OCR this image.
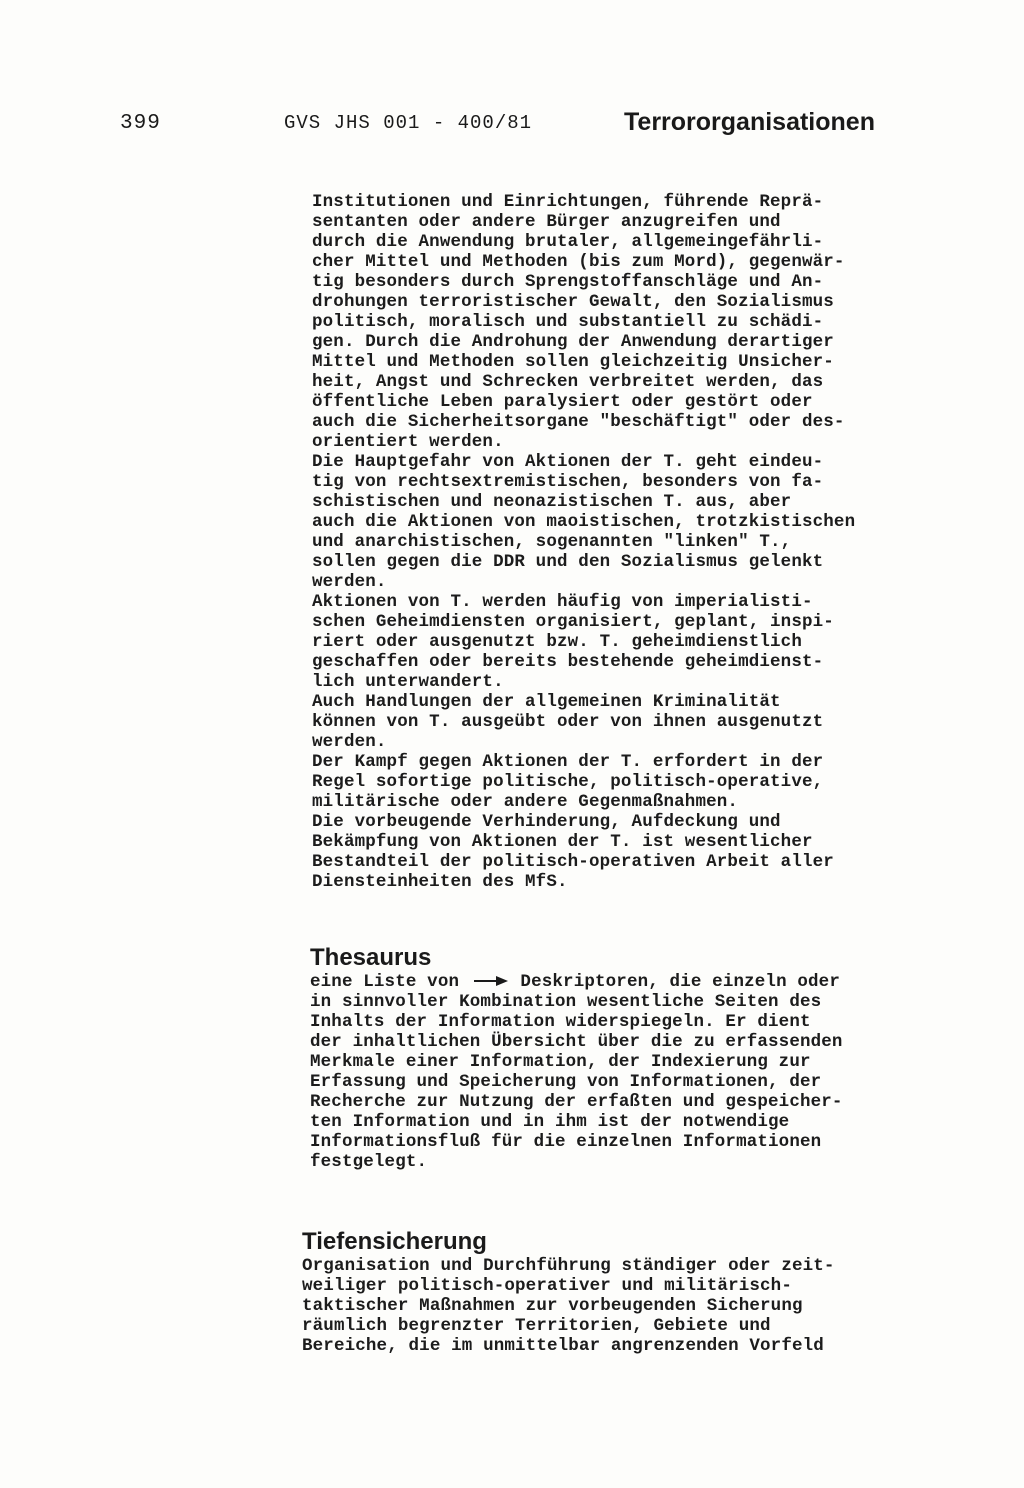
399	GVS JHS 001 - 400/81	Terrororganisationen
Institutionen und Einrichtungen, führende Reprä-
sentanten oder andere Bürger anzugreifen und
durch die Anwendung brutaler, allgemeingefährli-
cher Mittel und Methoden (bis zum Mord), gegenwär-
tig besonders durch Sprengstoffanschläge und An-
drohungen terroristischer Gewalt, den Sozialismus
politisch, moralisch und substantiell zu schädi-
gen. Durch die Androhung der Anwendung derartiger
Mittel und Methoden sollen gleichzeitig Unsicher-
heit, Angst und Schrecken verbreitet werden, das
öffentliche Leben paralysiert oder gestört oder
auch die Sicherheitsorgane "beschäftigt" oder des-
orientiert werden.
Die Hauptgefahr von Aktionen der T. geht eindeu-
tig von rechtsextremistischen, besonders von fa-
schistischen und neonazistischen T. aus, aber
auch die Aktionen von maoistischen, trotzkistischen
und anarchistischen, sogenannten "linken" T.,
sollen gegen die DDR und den Sozialismus gelenkt
werden.
Aktionen von T. werden häufig von imperialisti-
schen Geheimdiensten organisiert, geplant, inspi-
riert oder ausgenutzt bzw. T. geheimdienstlich
geschaffen oder bereits bestehende geheimdienst-
lich unterwandert.
Auch Handlungen der allgemeinen Kriminalität
können von T. ausgeübt oder von ihnen ausgenutzt
werden.
Der Kampf gegen Aktionen der T. erfordert in der
Regel sofortige politische, politisch-operative,
militärische oder andere Gegenmaßnahmen.
Die vorbeugende Verhinderung, Aufdeckung und
Bekämpfung von Aktionen der T. ist wesentlicher
Bestandteil der politisch-operativen Arbeit aller
Diensteinheiten des MfS.
Thesaurus
eine Liste von  Deskriptoren, die einzeln oder
in sinnvoller Kombination wesentliche Seiten des
Inhalts der Information widerspiegeln. Er dient
der inhaltlichen Übersicht über die zu erfassenden
Merkmale einer Information, der Indexierung zur
Erfassung und Speicherung von Informationen, der
Recherche zur Nutzung der erfaßten und gespeicher-
ten Information und in ihm ist der notwendige
Informationsfluß für die einzelnen Informationen
festgelegt.
Tiefensicherung
Organisation und Durchführung ständiger oder zeit-
weiliger politisch-operativer und militärisch-
taktischer Maßnahmen zur vorbeugenden Sicherung
räumlich begrenzter Territorien, Gebiete und
Bereiche, die im unmittelbar angrenzenden Vorfeld
